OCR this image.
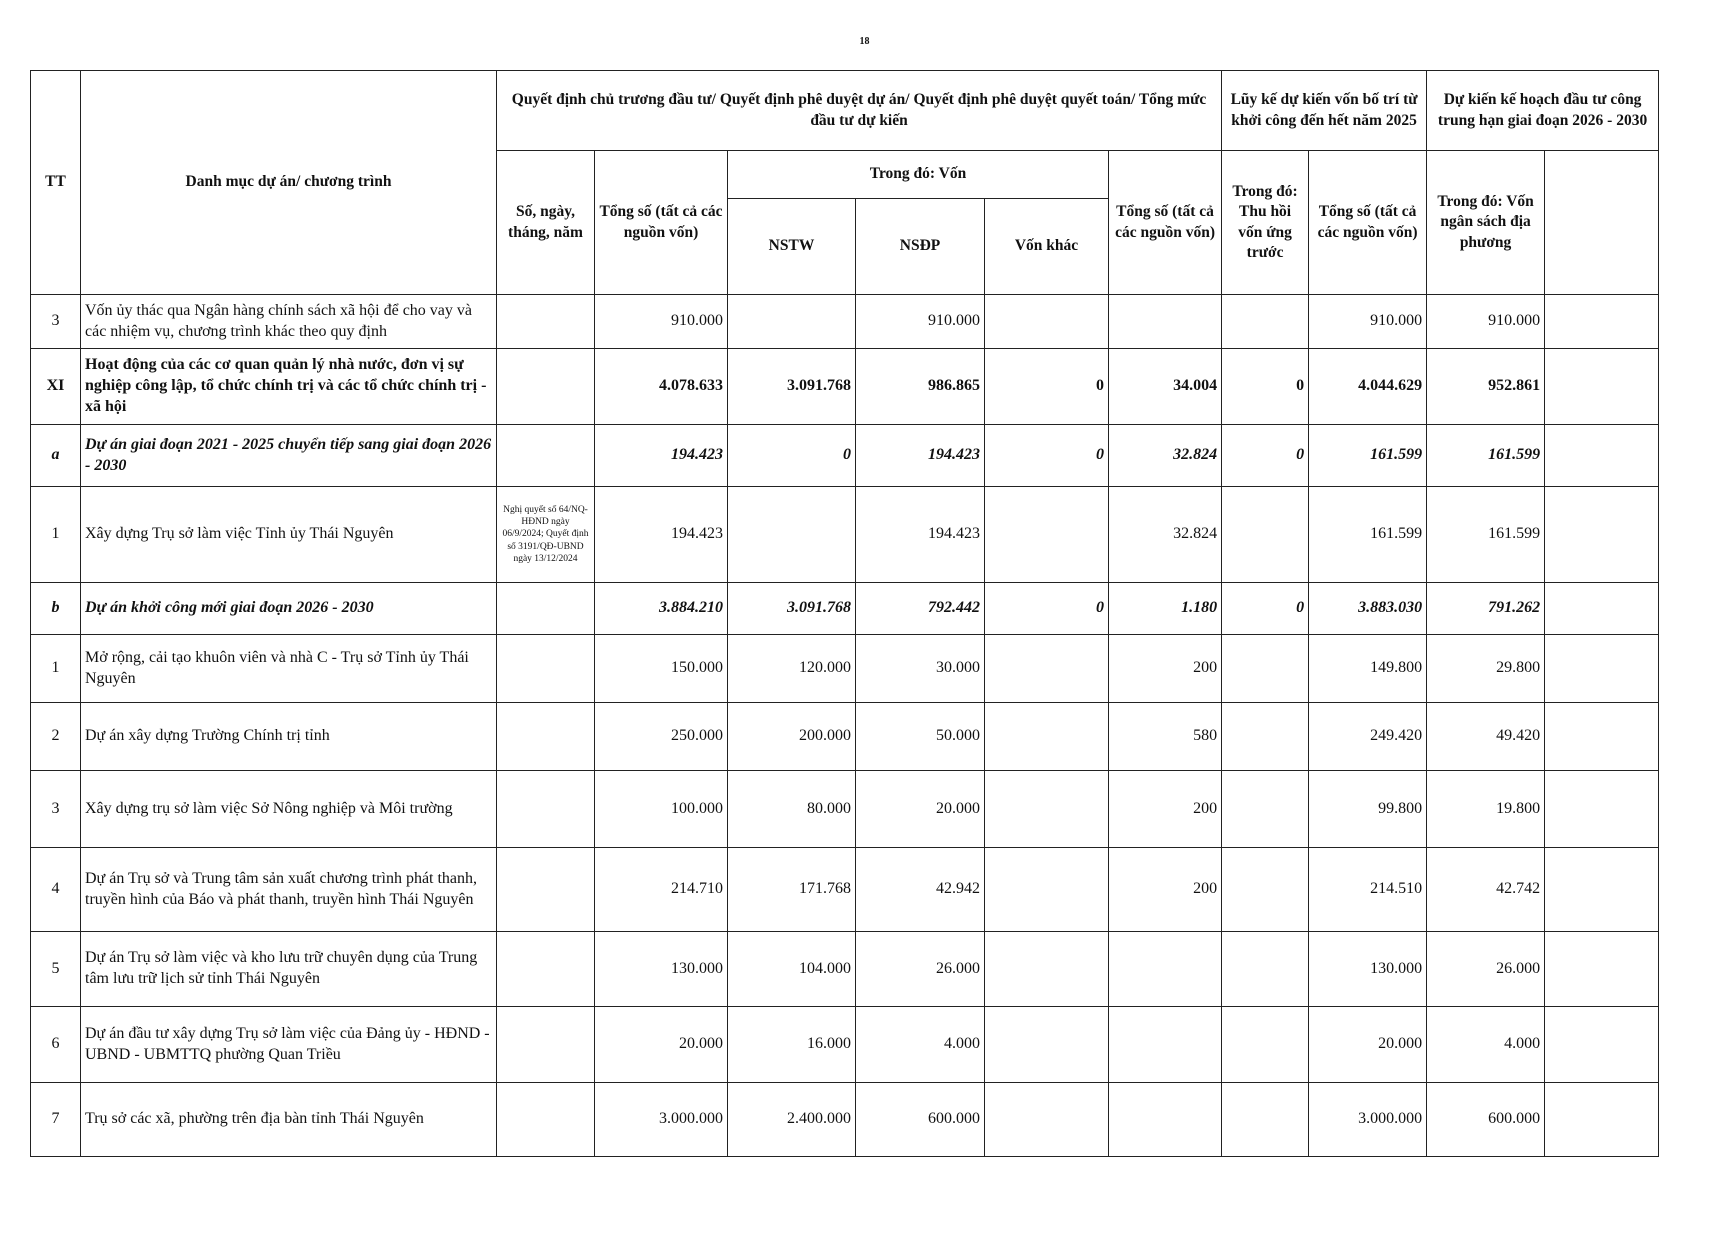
18
TT	Danh mục dự án/ chương trình	Quyết định chủ trương đầu tư/ Quyết định phê duyệt dự án/ Quyết định phê duyệt quyết toán/ Tổng mức đầu tư dự kiến						Lũy kế dự kiến vốn bố trí từ khởi công đến hết năm 2025		Dự kiến kế hoạch đầu tư công trung hạn giai đoạn 2026 - 2030	
		Số, ngày, tháng, năm	Tổng số (tất cả các nguồn vốn)	Trong đó: Vốn			Tổng số (tất cả các nguồn vốn)	Trong đó: Thu hồi vốn ứng trước	Tổng số (tất cả các nguồn vốn)	Trong đó: Vốn ngân sách địa phương		
				NSTW	NSĐP	Vốn khác						
3	Vốn ủy thác qua Ngân hàng chính sách xã hội để cho vay và các nhiệm vụ, chương trình khác theo quy định		910.000		910.000				910.000	910.000		
XI	Hoạt động của các cơ quan quản lý nhà nước, đơn vị sự nghiệp công lập, tổ chức chính trị và các tổ chức chính trị - xã hội		4.078.633	3.091.768	986.865	0	34.004	0	4.044.629	952.861		
a	Dự án giai đoạn 2021 - 2025 chuyển tiếp sang giai đoạn 2026 - 2030		194.423	0	194.423	0	32.824	0	161.599	161.599		
1	Xây dựng Trụ sở làm việc Tỉnh ủy Thái Nguyên	Nghị quyết số 64/NQ-HĐND ngày 06/9/2024; Quyết định số 3191/QĐ-UBND ngày 13/12/2024	194.423		194.423		32.824		161.599	161.599		
b	Dự án khởi công mới giai đoạn 2026 - 2030		3.884.210	3.091.768	792.442	0	1.180	0	3.883.030	791.262		
1	Mở rộng, cải tạo khuôn viên và nhà C - Trụ sở Tỉnh ủy Thái Nguyên		150.000	120.000	30.000		200		149.800	29.800		
2	Dự án xây dựng Trường Chính trị tỉnh		250.000	200.000	50.000		580		249.420	49.420		
3	Xây dựng trụ sở làm việc Sở Nông nghiệp và Môi trường		100.000	80.000	20.000		200		99.800	19.800		
4	Dự án Trụ sở và Trung tâm sản xuất chương trình phát thanh, truyền hình của Báo và phát thanh, truyền hình Thái Nguyên		214.710	171.768	42.942		200		214.510	42.742		
5	Dự án Trụ sở làm việc và kho lưu trữ chuyên dụng của Trung tâm lưu trữ lịch sử tỉnh Thái Nguyên		130.000	104.000	26.000				130.000	26.000		
6	Dự án đầu tư xây dựng Trụ sở làm việc của Đảng ủy - HĐND - UBND - UBMTTQ phường Quan Triều		20.000	16.000	4.000				20.000	4.000		
7	Trụ sở các xã, phường trên địa bàn tỉnh Thái Nguyên		3.000.000	2.400.000	600.000				3.000.000	600.000		
